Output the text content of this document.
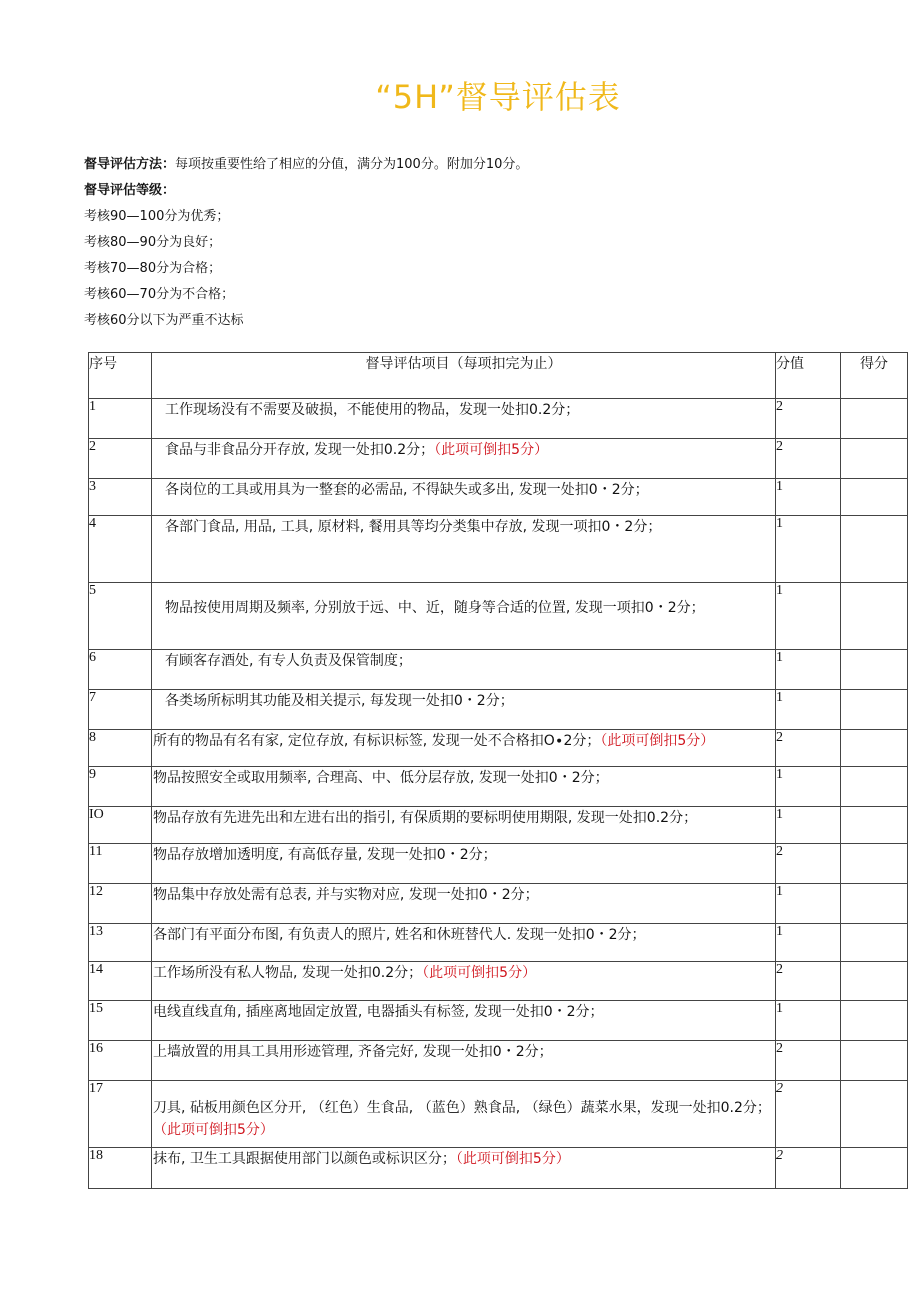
“5H”督导评估表
督导评估方法：每项按重要性给了相应的分值，满分为100分。附加分10分。
督导评估等级：
考核90—100分为优秀；
考核80—90分为良好；
考核70—80分为合格；
考核60—70分为不合格；
考核60分以下为严重不达标
序号	督导评估项目（每项扣完为止）	分值	得分
1	工作现场没有不需要及破损，不能使用的物品，发现一处扣0.2分；	2	
2	食品与非食品分开存放, 发现一处扣0.2分；（此项可倒扣5分）	2	
3	各岗位的工具或用具为一整套的必需品, 不得缺失或多出, 发现一处扣0・2分；	1	
4	各部门食品, 用品, 工具, 原材料, 餐用具等均分类集中存放, 发现一项扣0・2分；	1	
5	物品按使用周期及频率, 分别放于远、中、近，随身等合适的位置, 发现一项扣0・2分；	1	
6	有顾客存酒处, 有专人负责及保管制度；	1	
7	各类场所标明其功能及相关提示, 每发现一处扣0・2分；	1	
8	所有的物品有名有家, 定位存放, 有标识标签, 发现一处不合格扣O∙2分；（此项可倒扣5分）	2	
9	物品按照安全或取用频率, 合理高、中、低分层存放, 发现一处扣0・2分；	1	
IO	物品存放有先进先出和左进右出的指引, 有保质期的要标明使用期限, 发现一处扣0.2分；	1	
11	物品存放增加透明度, 有高低存量, 发现一处扣0・2分；	2	
12	物品集中存放处需有总表, 并与实物对应, 发现一处扣0・2分；	1	
13	各部门有平面分布图, 有负责人的照片, 姓名和休班替代人. 发现一处扣0・2分；	1	
14	工作场所没有私人物品, 发现一处扣0.2分；（此项可倒扣5分）	2	
15	电线直线直角, 插座离地固定放置, 电器插头有标签, 发现一处扣0・2分；	1	
16	上墙放置的用具工具用形迹管理, 齐备完好, 发现一处扣0・2分；	2	
17	刀具, 砧板用颜色区分开, （红色）生食品, （蓝色）熟食品, （绿色）蔬菜水果，发现一处扣0.2分；（此项可倒扣5分）	2	
18	抹布, 卫生工具跟据使用部门以颜色或标识区分；（此项可倒扣5分）	2	
